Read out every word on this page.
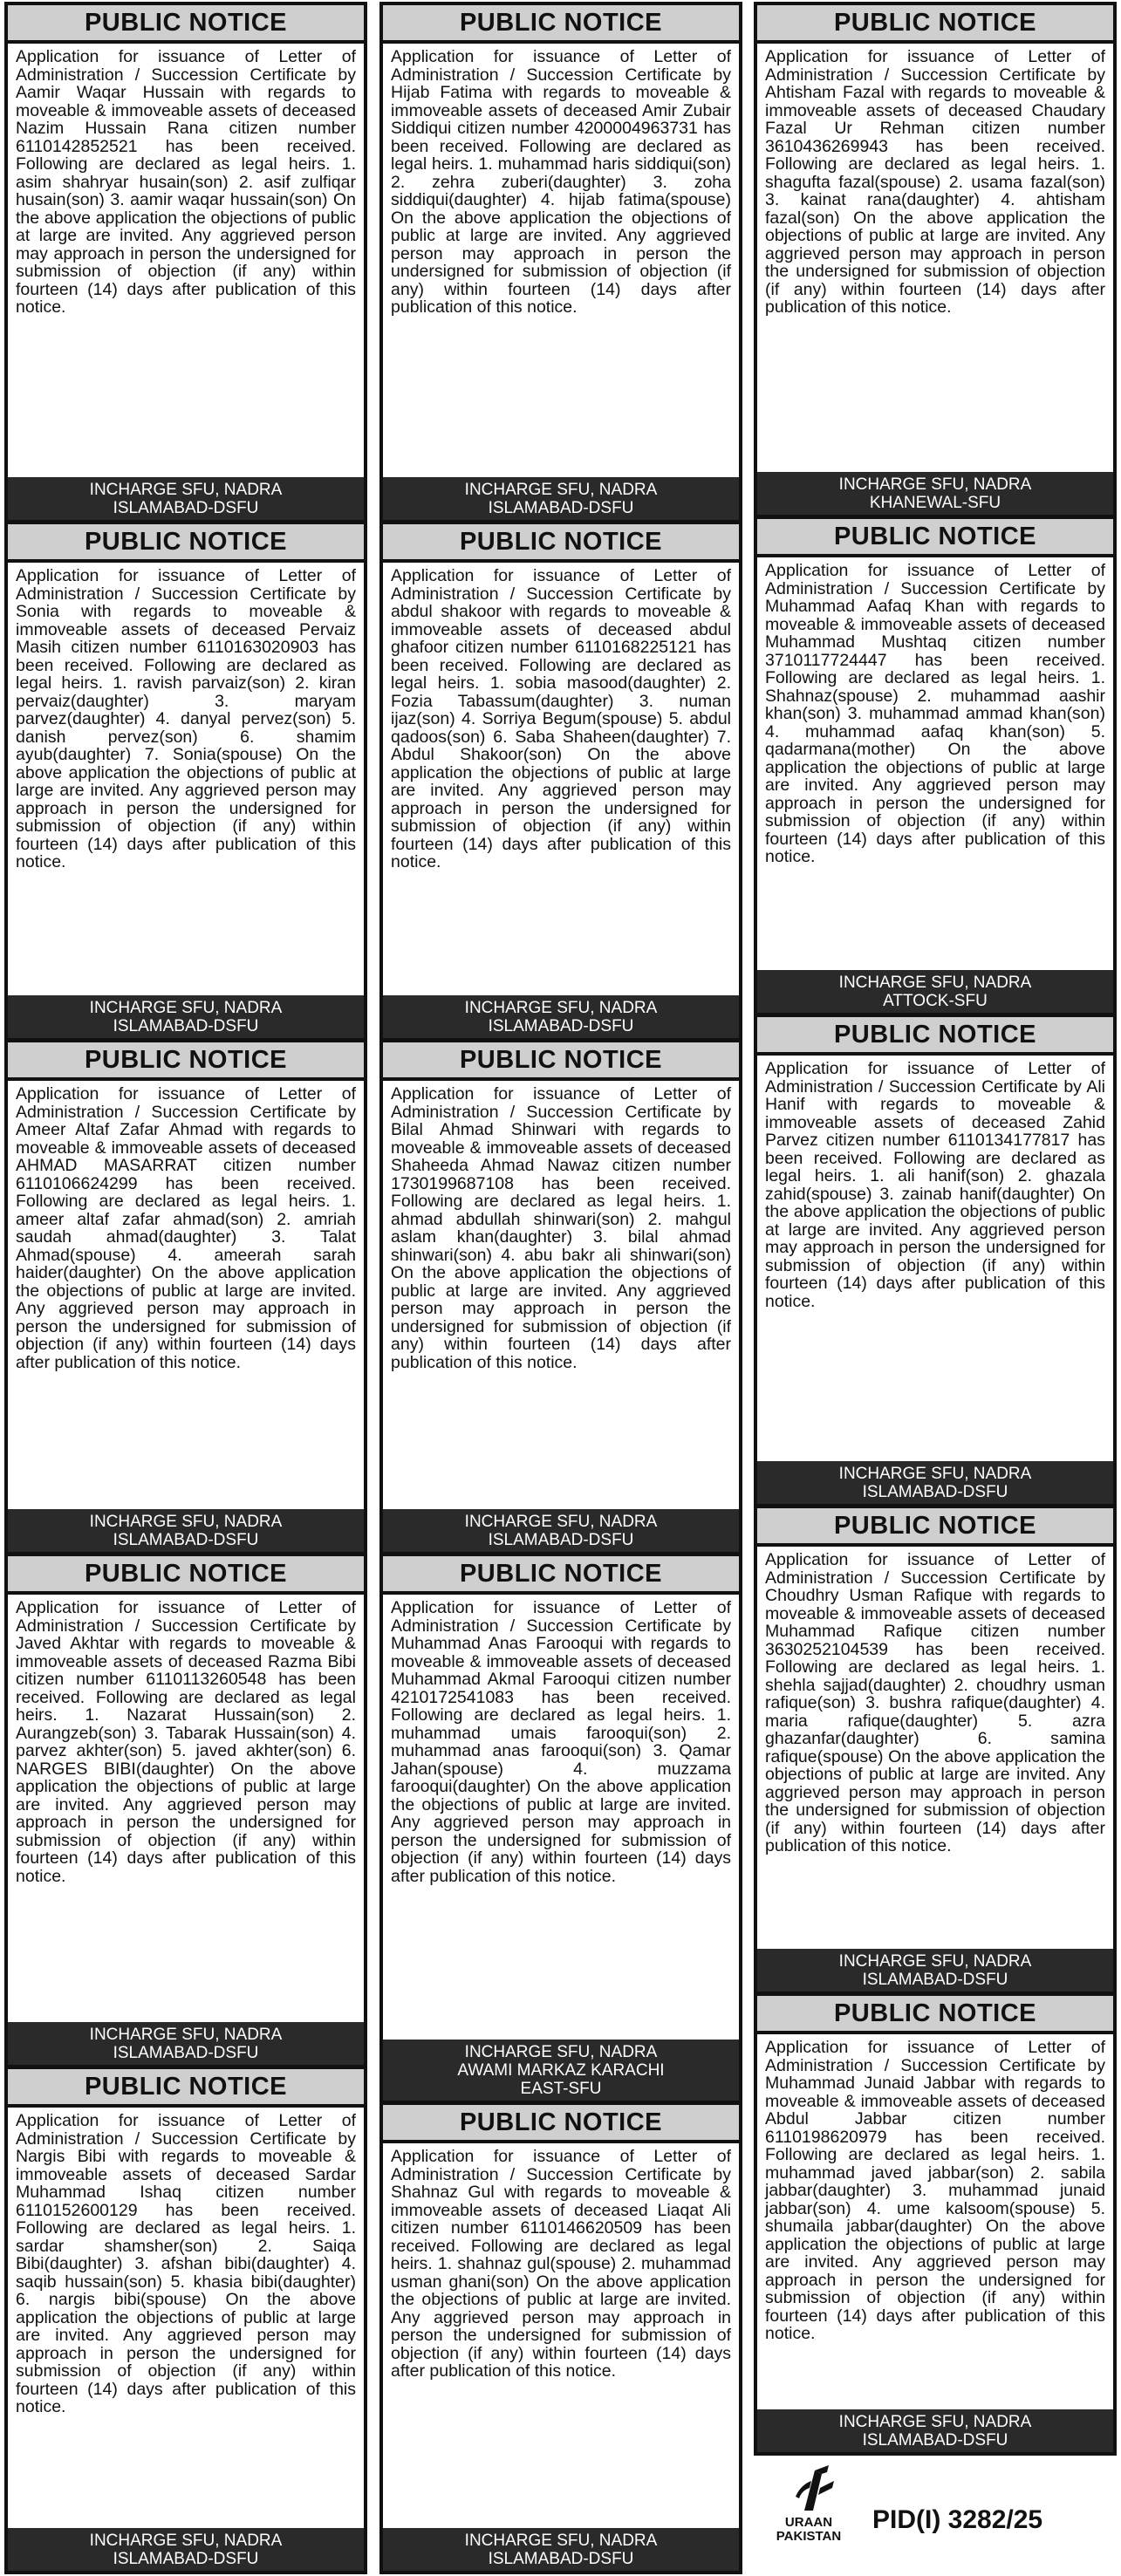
PUBLIC NOTICE
Application for issuance of Letter of Administration / Succession Certificate by Aamir Waqar Hussain with regards to moveable & immoveable assets of deceased Nazim Hussain Rana citizen number 6110142852521 has been received. Following are declared as legal heirs. 1. asim shahryar husain(son) 2. asif zulfiqar husain(son) 3. aamir waqar hussain(son) On the above application the objections of public at large are invited. Any aggrieved person may approach in person the undersigned for submission of objection (if any) within fourteen (14) days after publication of this notice.
INCHARGE SFU, NADRA
ISLAMABAD-DSFU
PUBLIC NOTICE
Application for issuance of Letter of Administration / Succession Certificate by Sonia with regards to moveable & immoveable assets of deceased Pervaiz Masih citizen number 6110163020903 has been received. Following are declared as legal heirs. 1. ravish parvaiz(son) 2. kiran pervaiz(daughter) 3. maryam parvez(daughter) 4. danyal pervez(son) 5. danish pervez(son) 6. shamim ayub(daughter) 7. Sonia(spouse) On the above application the objections of public at large are invited. Any aggrieved person may approach in person the undersigned for submission of objection (if any) within fourteen (14) days after publication of this notice.
INCHARGE SFU, NADRA
ISLAMABAD-DSFU
PUBLIC NOTICE
Application for issuance of Letter of Administration / Succession Certificate by Ameer Altaf Zafar Ahmad with regards to moveable & immoveable assets of deceased AHMAD MASARRAT citizen number 6110106624299 has been received. Following are declared as legal heirs. 1. ameer altaf zafar ahmad(son) 2. amriah saudah ahmad(daughter) 3. Talat Ahmad(spouse) 4. ameerah sarah haider(daughter) On the above application the objections of public at large are invited. Any aggrieved person may approach in person the undersigned for submission of objection (if any) within fourteen (14) days after publication of this notice.
INCHARGE SFU, NADRA
ISLAMABAD-DSFU
PUBLIC NOTICE
Application for issuance of Letter of Administration / Succession Certificate by Javed Akhtar with regards to moveable & immoveable assets of deceased Razma Bibi citizen number 6110113260548 has been received. Following are declared as legal heirs. 1. Nazarat Hussain(son) 2. Aurangzeb(son) 3. Tabarak Hussain(son) 4. parvez akhter(son) 5. javed akhter(son) 6. NARGES BIBI(daughter) On the above application the objections of public at large are invited. Any aggrieved person may approach in person the undersigned for submission of objection (if any) within fourteen (14) days after publication of this notice.
INCHARGE SFU, NADRA
ISLAMABAD-DSFU
PUBLIC NOTICE
Application for issuance of Letter of Administration / Succession Certificate by Nargis Bibi with regards to moveable & immoveable assets of deceased Sardar Muhammad Ishaq citizen number 6110152600129 has been received. Following are declared as legal heirs. 1. sardar shamsher(son) 2. Saiqa Bibi(daughter) 3. afshan bibi(daughter) 4. saqib hussain(son) 5. khasia bibi(daughter) 6. nargis bibi(spouse) On the above application the objections of public at large are invited. Any aggrieved person may approach in person the undersigned for submission of objection (if any) within fourteen (14) days after publication of this notice.
INCHARGE SFU, NADRA
ISLAMABAD-DSFU
PUBLIC NOTICE
Application for issuance of Letter of Administration / Succession Certificate by Hijab Fatima with regards to moveable & immoveable assets of deceased Amir Zubair Siddiqui citizen number 4200004963731 has been received. Following are declared as legal heirs. 1. muhammad haris siddiqui(son) 2. zehra zuberi(daughter) 3. zoha siddiqui(daughter) 4. hijab fatima(spouse) On the above application the objections of public at large are invited. Any aggrieved person may approach in person the undersigned for submission of objection (if any) within fourteen (14) days after publication of this notice.
INCHARGE SFU, NADRA
ISLAMABAD-DSFU
PUBLIC NOTICE
Application for issuance of Letter of Administration / Succession Certificate by abdul shakoor with regards to moveable & immoveable assets of deceased abdul ghafoor citizen number 6110168225121 has been received. Following are declared as legal heirs. 1. sobia masood(daughter) 2. Fozia Tabassum(daughter) 3. numan ijaz(son) 4. Sorriya Begum(spouse) 5. abdul qadoos(son) 6. Saba Shaheen(daughter) 7. Abdul Shakoor(son) On the above application the objections of public at large are invited. Any aggrieved person may approach in person the undersigned for submission of objection (if any) within fourteen (14) days after publication of this notice.
INCHARGE SFU, NADRA
ISLAMABAD-DSFU
PUBLIC NOTICE
Application for issuance of Letter of Administration / Succession Certificate by Bilal Ahmad Shinwari with regards to moveable & immoveable assets of deceased Shaheeda Ahmad Nawaz citizen number 1730199687108 has been received. Following are declared as legal heirs. 1. ahmad abdullah shinwari(son) 2. mahgul aslam khan(daughter) 3. bilal ahmad shinwari(son) 4. abu bakr ali shinwari(son) On the above application the objections of public at large are invited. Any aggrieved person may approach in person the undersigned for submission of objection (if any) within fourteen (14) days after publication of this notice.
INCHARGE SFU, NADRA
ISLAMABAD-DSFU
PUBLIC NOTICE
Application for issuance of Letter of Administration / Succession Certificate by Muhammad Anas Farooqui with regards to moveable & immoveable assets of deceased Muhammad Akmal Farooqui citizen number 4210172541083 has been received. Following are declared as legal heirs. 1. muhammad umais farooqui(son) 2. muhammad anas farooqui(son) 3. Qamar Jahan(spouse) 4. muzzama farooqui(daughter) On the above application the objections of public at large are invited. Any aggrieved person may approach in person the undersigned for submission of objection (if any) within fourteen (14) days after publication of this notice.
INCHARGE SFU, NADRA
AWAMI MARKAZ KARACHI
EAST-SFU
PUBLIC NOTICE
Application for issuance of Letter of Administration / Succession Certificate by Shahnaz Gul with regards to moveable & immoveable assets of deceased Liaqat Ali citizen number 6110146620509 has been received. Following are declared as legal heirs. 1. shahnaz gul(spouse) 2. muhammad usman ghani(son) On the above application the objections of public at large are invited. Any aggrieved person may approach in person the undersigned for submission of objection (if any) within fourteen (14) days after publication of this notice.
INCHARGE SFU, NADRA
ISLAMABAD-DSFU
PUBLIC NOTICE
Application for issuance of Letter of Administration / Succession Certificate by Ahtisham Fazal with regards to moveable & immoveable assets of deceased Chaudary Fazal Ur Rehman citizen number 3610436269943 has been received. Following are declared as legal heirs. 1. shagufta fazal(spouse) 2. usama fazal(son) 3. kainat rana(daughter) 4. ahtisham fazal(son) On the above application the objections of public at large are invited. Any aggrieved person may approach in person the undersigned for submission of objection (if any) within fourteen (14) days after publication of this notice.
INCHARGE SFU, NADRA
KHANEWAL-SFU
PUBLIC NOTICE
Application for issuance of Letter of Administration / Succession Certificate by Muhammad Aafaq Khan with regards to moveable & immoveable assets of deceased Muhammad Mushtaq citizen number 3710117724447 has been received. Following are declared as legal heirs. 1. Shahnaz(spouse) 2. muhammad aashir khan(son) 3. muhammad ammad khan(son) 4. muhammad aafaq khan(son) 5. qadarmana(mother) On the above application the objections of public at large are invited. Any aggrieved person may approach in person the undersigned for submission of objection (if any) within fourteen (14) days after publication of this notice.
INCHARGE SFU, NADRA
ATTOCK-SFU
PUBLIC NOTICE
Application for issuance of Letter of Administration / Succession Certificate by Ali Hanif with regards to moveable & immoveable assets of deceased Zahid Parvez citizen number 6110134177817 has been received. Following are declared as legal heirs. 1. ali hanif(son) 2. ghazala zahid(spouse) 3. zainab hanif(daughter) On the above application the objections of public at large are invited. Any aggrieved person may approach in person the undersigned for submission of objection (if any) within fourteen (14) days after publication of this notice.
INCHARGE SFU, NADRA
ISLAMABAD-DSFU
PUBLIC NOTICE
Application for issuance of Letter of Administration / Succession Certificate by Choudhry Usman Rafique with regards to moveable & immoveable assets of deceased Muhammad Rafique citizen number 3630252104539 has been received. Following are declared as legal heirs. 1. shehla sajjad(daughter) 2. choudhry usman rafique(son) 3. bushra rafique(daughter) 4. maria rafique(daughter) 5. azra ghazanfar(daughter) 6. samina rafique(spouse) On the above application the objections of public at large are invited. Any aggrieved person may approach in person the undersigned for submission of objection (if any) within fourteen (14) days after publication of this notice.
INCHARGE SFU, NADRA
ISLAMABAD-DSFU
PUBLIC NOTICE
Application for issuance of Letter of Administration / Succession Certificate by Muhammad Junaid Jabbar with regards to moveable & immoveable assets of deceased Abdul Jabbar citizen number 6110198620979 has been received. Following are declared as legal heirs. 1. muhammad javed jabbar(son) 2. sabila jabbar(daughter) 3. muhammad junaid jabbar(son) 4. ume kalsoom(spouse) 5. shumaila jabbar(daughter) On the above application the objections of public at large are invited. Any aggrieved person may approach in person the undersigned for submission of objection (if any) within fourteen (14) days after publication of this notice.
INCHARGE SFU, NADRA
ISLAMABAD-DSFU
URAAN PAKISTAN
PID(I) 3282/25
